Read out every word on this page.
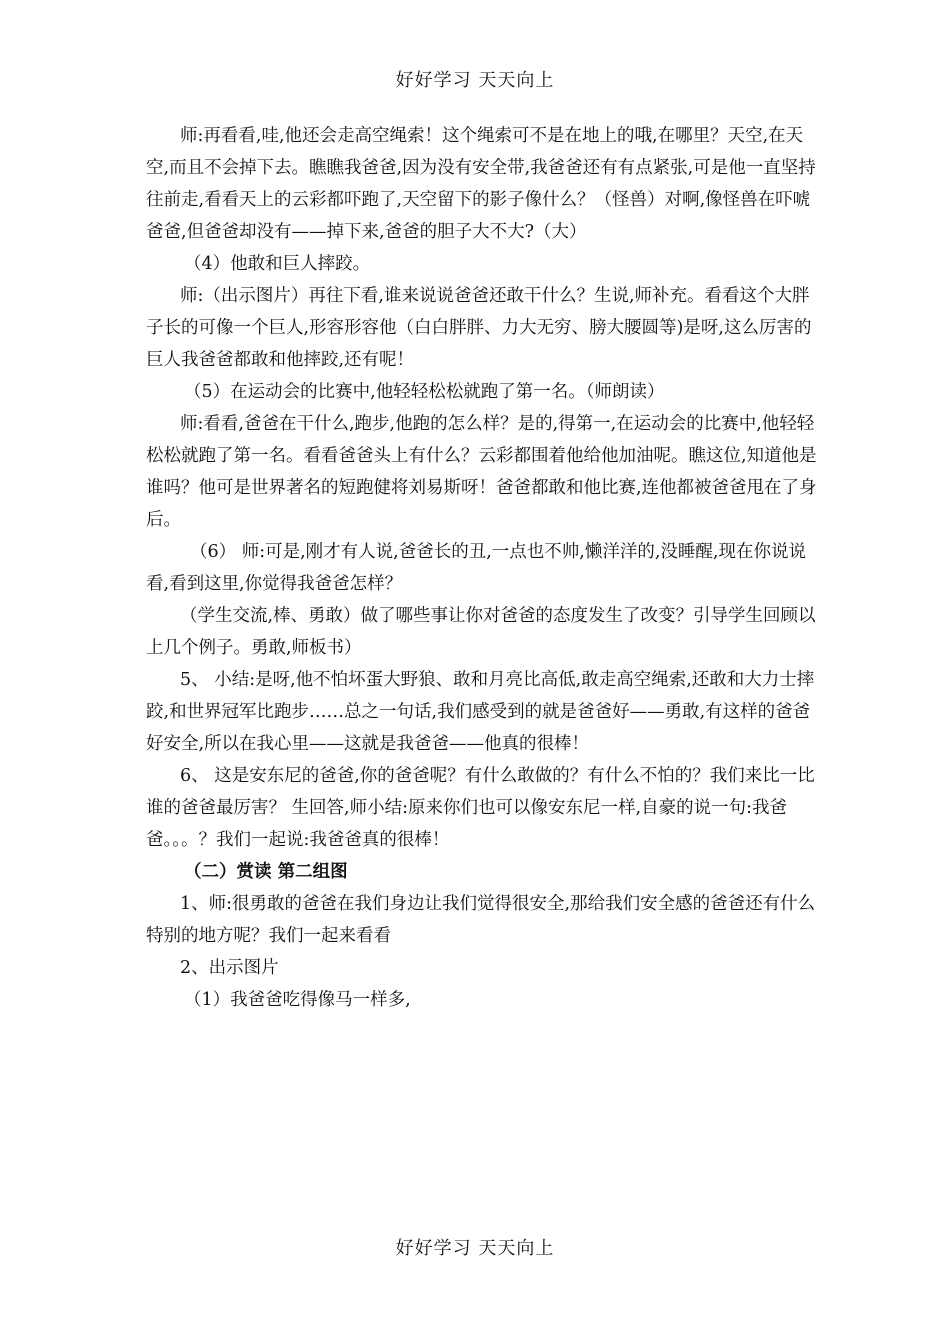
好好学习 天天向上

师:再看看,哇,他还会走高空绳索！这个绳索可不是在地上的哦,在哪里？天空,在天空,而且不会掉下去。瞧瞧我爸爸,因为没有安全带,我爸爸还有有点紧张,可是他一直坚持往前走,看看天上的云彩都吓跑了,天空留下的影子像什么？（怪兽）对啊,像怪兽在吓唬爸爸,但爸爸却没有——掉下来,爸爸的胆子大不大?（大）

（4）他敢和巨人摔跤。

师:（出示图片）再往下看,谁来说说爸爸还敢干什么？生说,师补充。看看这个大胖子长的可像一个巨人,形容形容他（白白胖胖、力大无穷、膀大腰圆等)是呀,这么厉害的巨人我爸爸都敢和他摔跤,还有呢！

（5）在运动会的比赛中,他轻轻松松就跑了第一名。（师朗读）

师:看看,爸爸在干什么,跑步,他跑的怎么样？是的,得第一,在运动会的比赛中,他轻轻松松就跑了第一名。看看爸爸头上有什么？云彩都围着他给他加油呢。瞧这位,知道他是谁吗？他可是世界著名的短跑健将刘易斯呀！爸爸都敢和他比赛,连他都被爸爸甩在了身后。

（6） 师:可是,刚才有人说,爸爸长的丑,一点也不帅,懒洋洋的,没睡醒,现在你说说看,看到这里,你觉得我爸爸怎样？

（学生交流,棒、勇敢）做了哪些事让你对爸爸的态度发生了改变？引导学生回顾以上几个例子。勇敢,师板书）

5、 小结:是呀,他不怕坏蛋大野狼、敢和月亮比高低,敢走高空绳索,还敢和大力士摔跤,和世界冠军比跑步……总之一句话,我们感受到的就是爸爸好——勇敢,有这样的爸爸好安全,所以在我心里——这就是我爸爸——他真的很棒！

6、 这是安东尼的爸爸,你的爸爸呢？有什么敢做的？有什么不怕的？我们来比一比谁的爸爸最厉害？ 生回答,师小结:原来你们也可以像安东尼一样,自豪的说一句:我爸爸。。。？我们一起说:我爸爸真的很棒！

（二）赏读 第二组图

1、师:很勇敢的爸爸在我们身边让我们觉得很安全,那给我们安全感的爸爸还有什么特别的地方呢？我们一起来看看

2、出示图片

（1）我爸爸吃得像马一样多,

好好学习 天天向上
